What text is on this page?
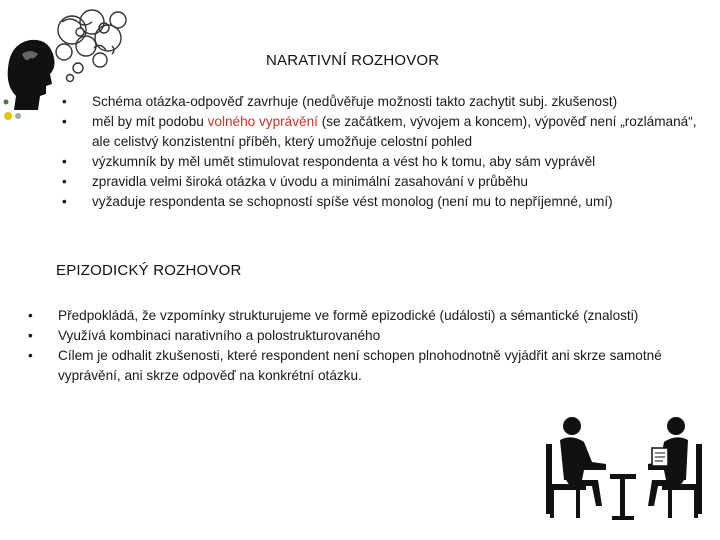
NARATIVNÍ ROZHOVOR
• Schéma otázka-odpověď zavrhuje (nedůvěřuje možnosti takto zachytit subj. zkušenost)
• měl by mít podobu volného vyprávění (se začátkem, vývojem a koncem), výpověď není „rozlámaná“, ale celistvý konzistentní příběh, který umožňuje celostní pohled
• výzkumník by měl umět stimulovat respondenta a vést ho k tomu, aby sám vyprávěl
• zpravidla velmi široká otázka v úvodu a minimální zasahování v průběhu
• vyžaduje respondenta se schopností spíše vést monolog (není mu to nepříjemné, umí)
EPIZODICKÝ ROZHOVOR
• Předpokládá, že vzpomínky strukturujeme ve formě epizodické (události) a sémantické (znalosti)
• Využívá kombinaci narativního a polostrukturovaného
• Cílem je odhalit zkušenosti, které respondent není schopen plnohodnotně vyjádřit ani skrze samotné vyprávění, ani skrze odpověď na konkrétní otázku.
